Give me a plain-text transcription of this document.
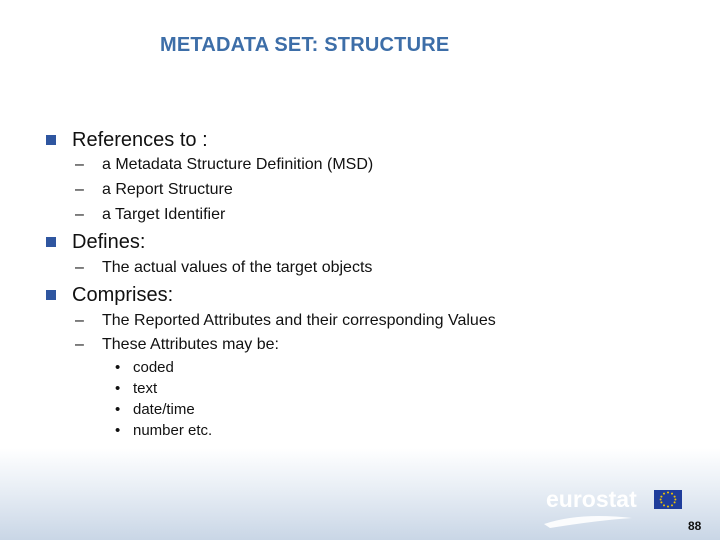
METADATA SET: STRUCTURE
References to :
– a Metadata Structure Definition (MSD)
– a Report Structure
– a Target Identifier
Defines:
– The actual values of the target objects
Comprises:
– The Reported Attributes and their corresponding Values
– These Attributes may be:
• coded
• text
• date/time
• number etc.
eurostat
88
